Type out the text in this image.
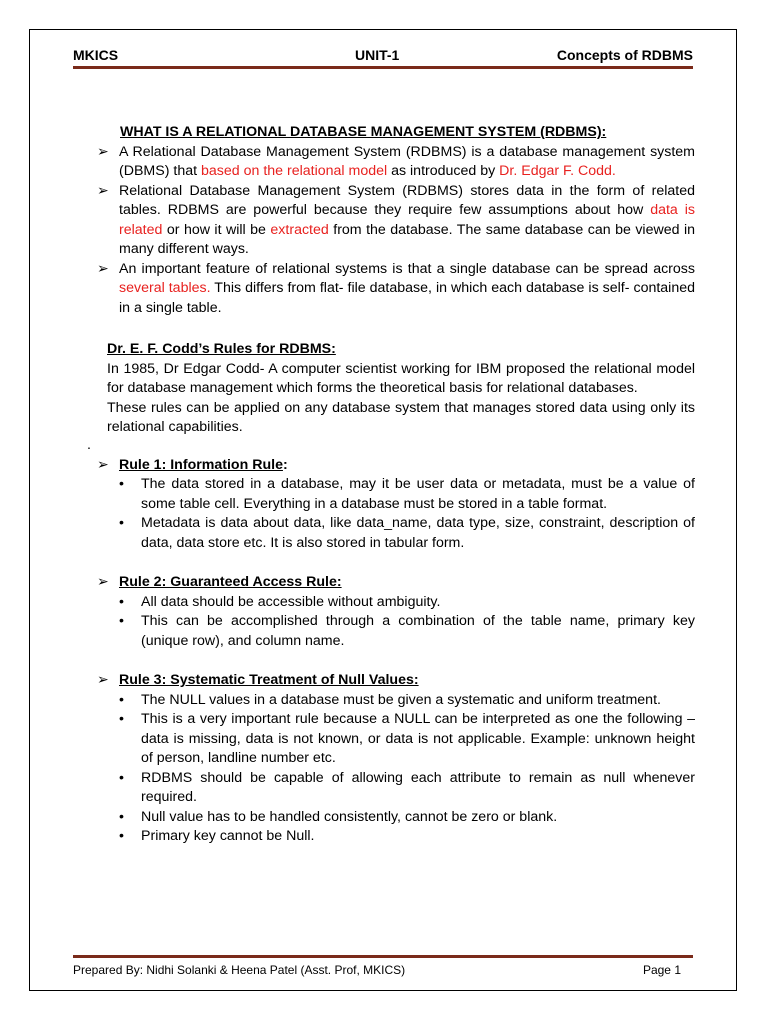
MKICS	UNIT-1	Concepts of RDBMS
WHAT IS A RELATIONAL DATABASE MANAGEMENT SYSTEM (RDBMS):
➢ A Relational Database Management System (RDBMS) is a database management system (DBMS) that based on the relational model as introduced by Dr. Edgar F. Codd.
➢ Relational Database Management System (RDBMS) stores data in the form of related tables. RDBMS are powerful because they require few assumptions about how data is related or how it will be extracted from the database. The same database can be viewed in many different ways.
➢ An important feature of relational systems is that a single database can be spread across several tables. This differs from flat- file database, in which each database is self- contained in a single table.
Dr. E. F. Codd’s Rules for RDBMS:
In 1985, Dr Edgar Codd- A computer scientist working for IBM proposed the relational model for database management which forms the theoretical basis for relational databases.
These rules can be applied on any database system that manages stored data using only its relational capabilities.
.
➢ Rule 1: Information Rule:
• The data stored in a database, may it be user data or metadata, must be a value of some table cell. Everything in a database must be stored in a table format.
• Metadata is data about data, like data_name, data type, size, constraint, description of data, data store etc. It is also stored in tabular form.
➢ Rule 2: Guaranteed Access Rule:
• All data should be accessible without ambiguity.
• This can be accomplished through a combination of the table name, primary key (unique row), and column name.
➢ Rule 3: Systematic Treatment of Null Values:
• The NULL values in a database must be given a systematic and uniform treatment.
• This is a very important rule because a NULL can be interpreted as one the following – data is missing, data is not known, or data is not applicable. Example: unknown height of person, landline number etc.
• RDBMS should be capable of allowing each attribute to remain as null whenever required.
• Null value has to be handled consistently, cannot be zero or blank.
• Primary key cannot be Null.
Prepared By: Nidhi Solanki & Heena Patel (Asst. Prof, MKICS)	Page 1
